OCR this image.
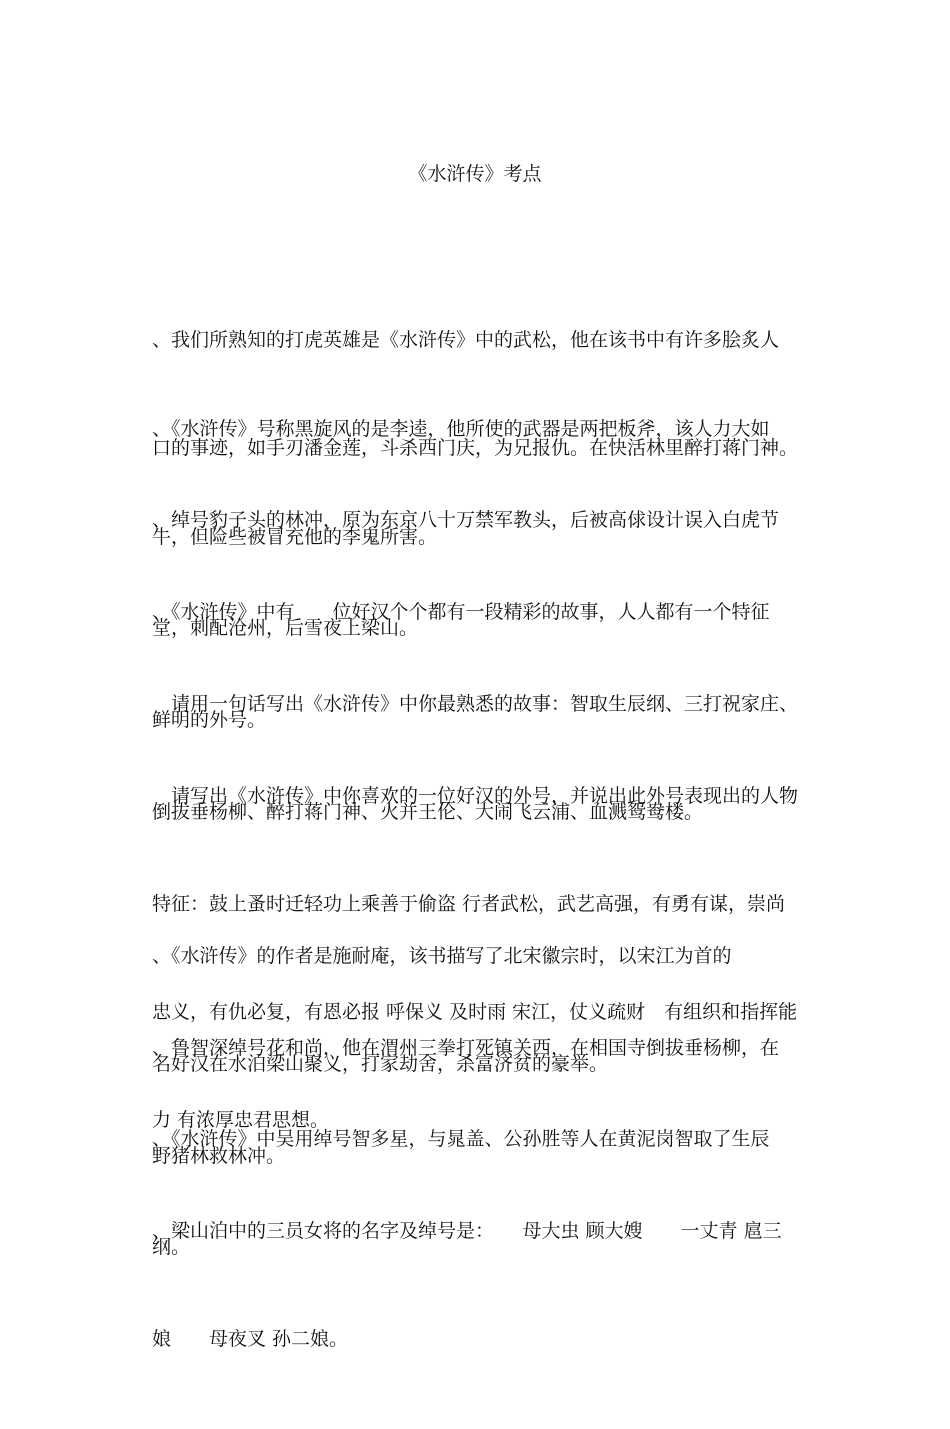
《水浒传》考点

、我们所熟知的打虎英雄是《水浒传》中的武松，他在该书中有许多脍炙人

口的事迹，如手刃潘金莲，斗杀西门庆，为兄报仇。在快活林里醉打蒋门神。

、《水浒传》号称黑旋风的是李逵，他所使的武器是两把板斧，该人力大如

牛，但险些被冒充他的李鬼所害。

、绰号豹子头的林冲，原为东京八十万禁军教头，后被高俅设计误入白虎节

堂，刺配沧州，后雪夜上梁山。

、《水浒传》中有　　位好汉个个都有一段精彩的故事，人人都有一个特征

鲜明的外号。

　请用一句话写出《水浒传》中你最熟悉的故事：智取生辰纲、三打祝家庄、

倒拔垂杨柳、醉打蒋门神、火并王伦、大闹飞云浦、血溅鸳鸯楼。

　请写出《水浒传》中你喜欢的一位好汉的外号，并说出此外号表现出的人物

特征：鼓上蚤时迁轻功上乘善于偷盗 行者武松，武艺高强，有勇有谋，崇尚

忠义，有仇必复，有恩必报 呼保义 及时雨 宋江，仗义疏财　有组织和指挥能

力 有浓厚忠君思想。

、《水浒传》的作者是施耐庵，该书描写了北宋徽宗时，以宋江为首的

名好汉在水泊梁山聚义，打家劫舍，杀富济贫的豪举。

、鲁智深绰号花和尚，他在渭州三拳打死镇关西，在相国寺倒拔垂杨柳，在

野猪林救林冲。

、《水浒传》中吴用绰号智多星，与晁盖、公孙胜等人在黄泥岗智取了生辰

纲。

、梁山泊中的三员女将的名字及绰号是：　　母大虫 顾大嫂　　一丈青 扈三

娘　　母夜叉 孙二娘。
